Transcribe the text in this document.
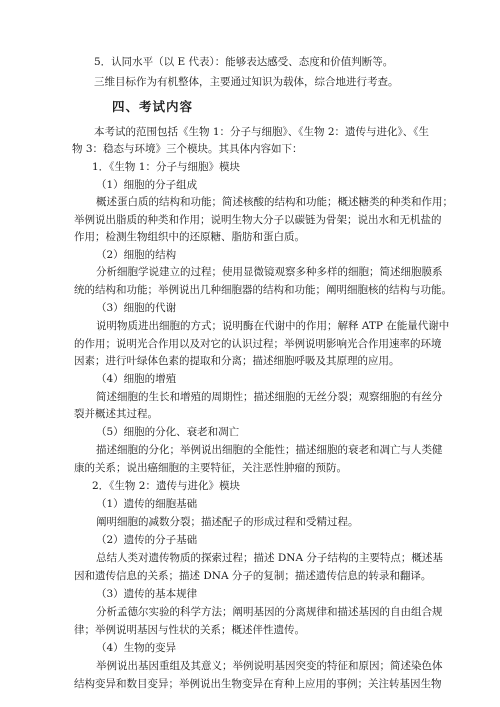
5．认同水平（以 E 代表）：能够表达感受、态度和价值判断等。
三维目标作为有机整体，主要通过知识为载体，综合地进行考查。
四、考试内容
本考试的范围包括《生物 1：分子与细胞》、《生物 2：遗传与进化》、《生
物 3：稳态与环境》三个模块。其具体内容如下：
1．《生物 1：分子与细胞》模块
（1）细胞的分子组成
概述蛋白质的结构和功能；简述核酸的结构和功能；概述糖类的种类和作用；
举例说出脂质的种类和作用；说明生物大分子以碳链为骨架；说出水和无机盐的
作用；检测生物组织中的还原糖、脂肪和蛋白质。
（2）细胞的结构
分析细胞学说建立的过程；使用显微镜观察多种多样的细胞；简述细胞膜系
统的结构和功能；举例说出几种细胞器的结构和功能；阐明细胞核的结构与功能。
（3）细胞的代谢
说明物质进出细胞的方式；说明酶在代谢中的作用；解释 ATP 在能量代谢中
的作用；说明光合作用以及对它的认识过程；举例说明影响光合作用速率的环境
因素；进行叶绿体色素的提取和分离；描述细胞呼吸及其原理的应用。
（4）细胞的增殖
简述细胞的生长和增殖的周期性；描述细胞的无丝分裂；观察细胞的有丝分
裂并概述其过程。
（5）细胞的分化、衰老和凋亡
描述细胞的分化；举例说出细胞的全能性；描述细胞的衰老和凋亡与人类健
康的关系；说出癌细胞的主要特征，关注恶性肿瘤的预防。
2．《生物 2：遗传与进化》模块
（1）遗传的细胞基础
阐明细胞的减数分裂；描述配子的形成过程和受精过程。
（2）遗传的分子基础
总结人类对遗传物质的探索过程；描述 DNA 分子结构的主要特点；概述基
因和遗传信息的关系；描述 DNA 分子的复制；描述遗传信息的转录和翻译。
（3）遗传的基本规律
分析孟德尔实验的科学方法；阐明基因的分离规律和描述基因的自由组合规
律；举例说明基因与性状的关系；概述伴性遗传。
（4）生物的变异
举例说出基因重组及其意义；举例说明基因突变的特征和原因；简述染色体
结构变异和数目变异；举例说出生物变异在育种上应用的事例；关注转基因生物
